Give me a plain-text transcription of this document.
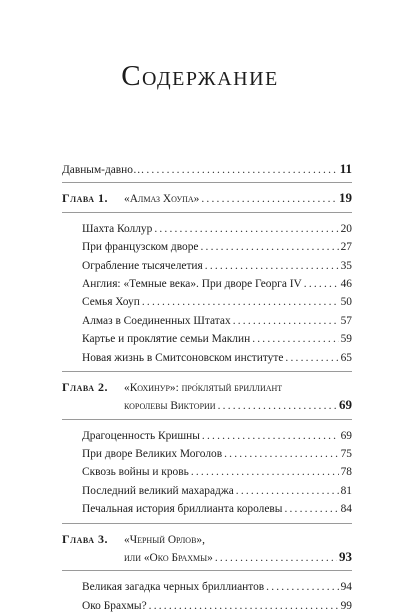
Содержание
Давным-давно… .....	11
Глава 1.	«Алмаз Хоупа» .....	19
Шахта Коллур .....	20
При французском дворе .....	27
Ограбление тысячелетия .....	35
Англия: «Темные века». При дворе Георга IV .....	46
Семья Хоуп .....	50
Алмаз в Соединенных Штатах .....	57
Картье и проклятие семьи Маклин .....	59
Новая жизнь в Смитсоновском институте .....	65
Глава 2.	«Кохинур»: про́клятый бриллиант
королевы Виктории .....	69
Драгоценность Кришны .....	69
При дворе Великих Моголов .....	75
Сквозь войны и кровь .....	78
Последний великий махараджа .....	81
Печальная история бриллианта королевы .....	84
Глава 3.	«Черный Орлов»,
или «Око Брахмы» .....	93
Великая загадка черных бриллиантов .....	94
Око Брахмы? .....	99
